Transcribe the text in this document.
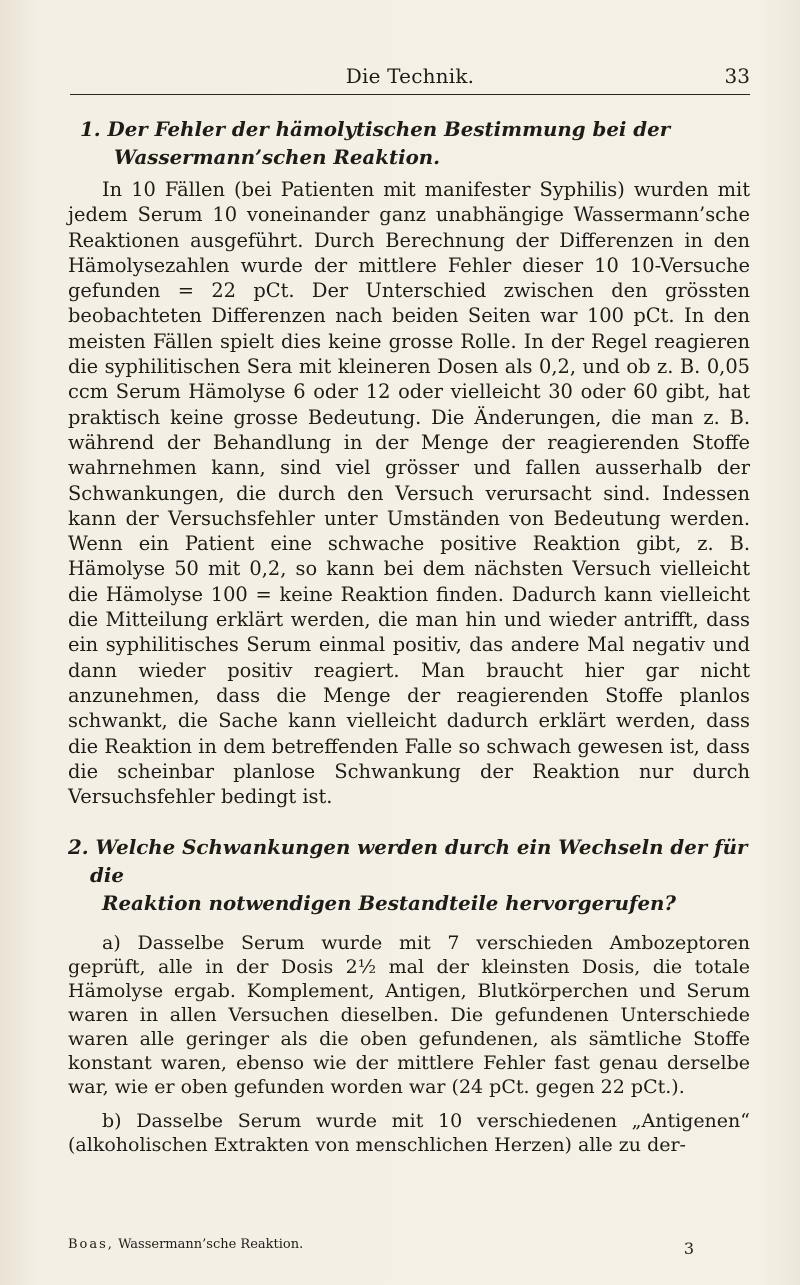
Die Technik.	33
1. Der Fehler der hämolytischen Bestimmung bei der
Wassermann’schen Reaktion.

In 10 Fällen (bei Patienten mit manifester Syphilis) wurden mit jedem Serum 10 voneinander ganz unabhängige Wassermann’sche Reaktionen ausgeführt. Durch Berechnung der Differenzen in den Hämolysezahlen wurde der mittlere Fehler dieser 10 10-Versuche gefunden = 22 pCt. Der Unterschied zwischen den grössten beobachteten Differenzen nach beiden Seiten war 100 pCt. In den meisten Fällen spielt dies keine grosse Rolle. In der Regel reagieren die syphilitischen Sera mit kleineren Dosen als 0,2, und ob z. B. 0,05 ccm Serum Hämolyse 6 oder 12 oder vielleicht 30 oder 60 gibt, hat praktisch keine grosse Bedeutung. Die Änderungen, die man z. B. während der Behandlung in der Menge der reagierenden Stoffe wahrnehmen kann, sind viel grösser und fallen ausserhalb der Schwankungen, die durch den Versuch verursacht sind. Indessen kann der Versuchsfehler unter Umständen von Bedeutung werden. Wenn ein Patient eine schwache positive Reaktion gibt, z. B. Hämolyse 50 mit 0,2, so kann bei dem nächsten Versuch vielleicht die Hämolyse 100 = keine Reaktion finden. Dadurch kann vielleicht die Mitteilung erklärt werden, die man hin und wieder antrifft, dass ein syphilitisches Serum einmal positiv, das andere Mal negativ und dann wieder positiv reagiert. Man braucht hier gar nicht anzunehmen, dass die Menge der reagierenden Stoffe planlos schwankt, die Sache kann vielleicht dadurch erklärt werden, dass die Reaktion in dem betreffenden Falle so schwach gewesen ist, dass die scheinbar planlose Schwankung der Reaktion nur durch Versuchsfehler bedingt ist.

2. Welche Schwankungen werden durch ein Wechseln der für die
Reaktion notwendigen Bestandteile hervorgerufen?

a) Dasselbe Serum wurde mit 7 verschieden Ambozeptoren geprüft, alle in der Dosis 2½ mal der kleinsten Dosis, die totale Hämolyse ergab. Komplement, Antigen, Blutkörperchen und Serum waren in allen Versuchen dieselben. Die gefundenen Unterschiede waren alle geringer als die oben gefundenen, als sämtliche Stoffe konstant waren, ebenso wie der mittlere Fehler fast genau derselbe war, wie er oben gefunden worden war (24 pCt. gegen 22 pCt.).

b) Dasselbe Serum wurde mit 10 verschiedenen „Antigenen“ (alkoholischen Extrakten von menschlichen Herzen) alle zu der-

Boas, Wassermann’sche Reaktion.	3
